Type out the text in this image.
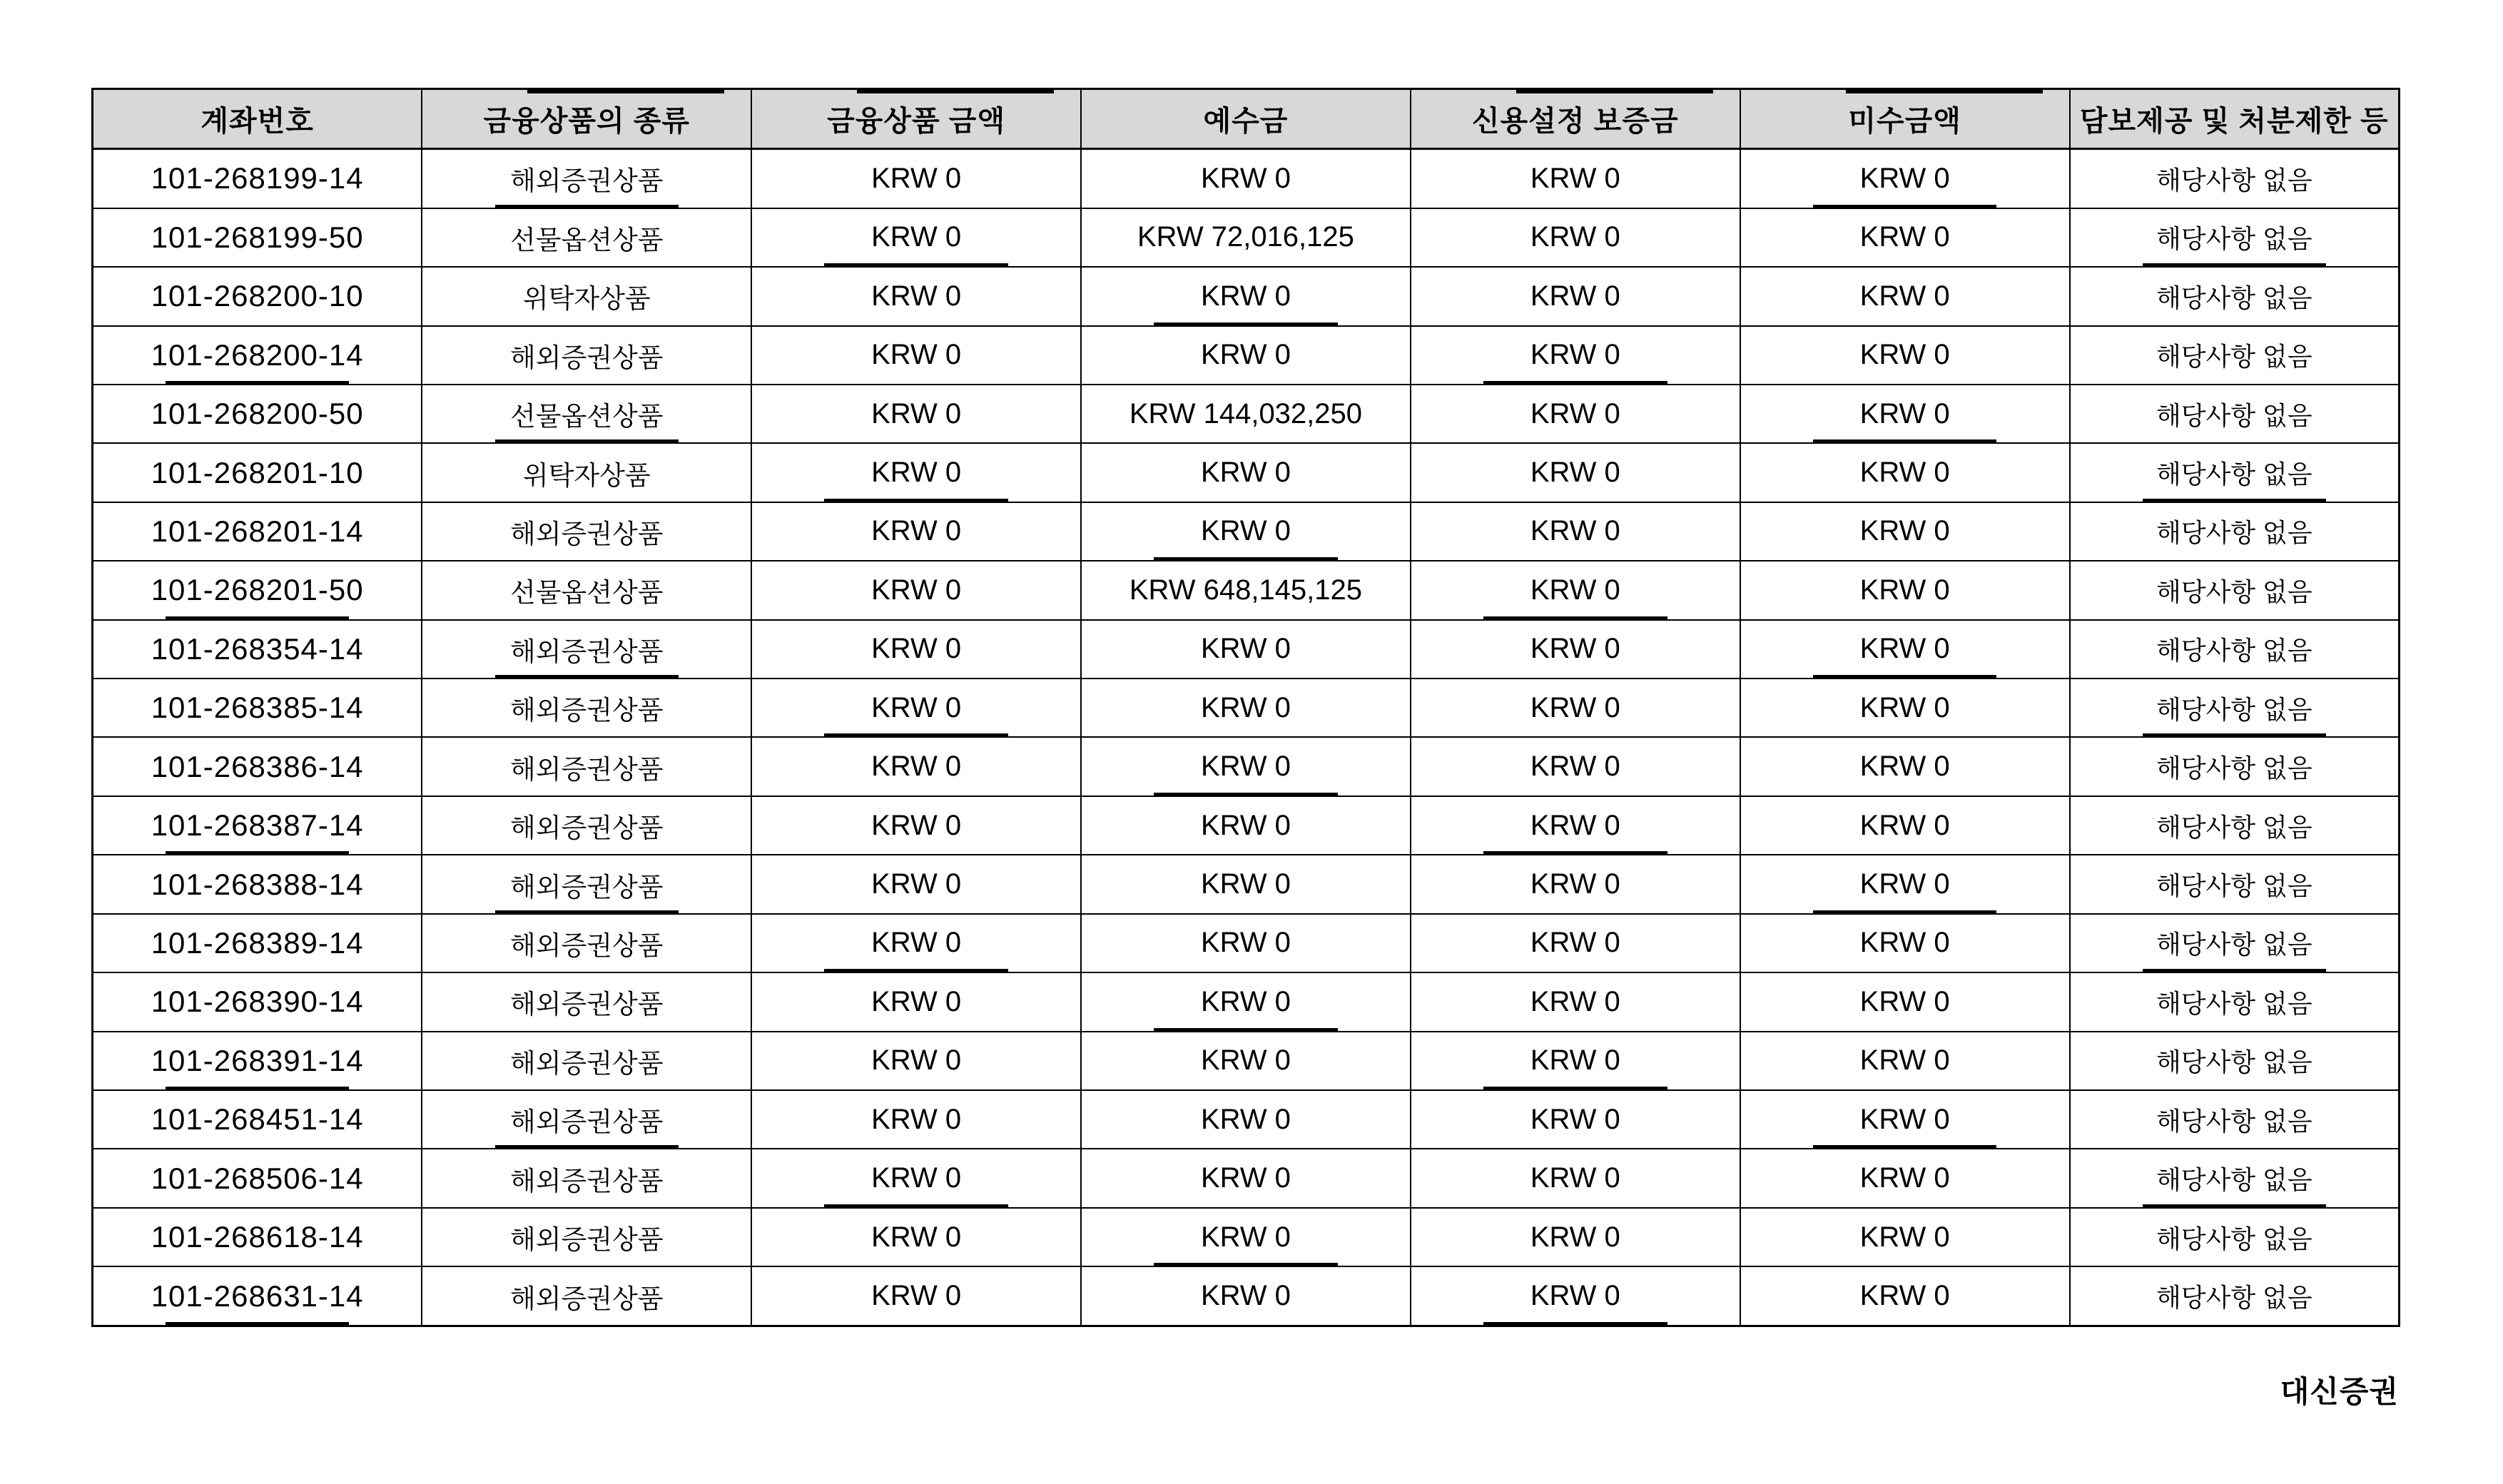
계좌번호	금융상품의 종류	금융상품 금액	예수금	신용설정 보증금	미수금액	담보제공 및 처분제한 등
101-268199-14	해외증권상품	KRW 0	KRW 0	KRW 0	KRW 0	해당사항 없음
101-268199-50	선물옵션상품	KRW 0	KRW 72,016,125	KRW 0	KRW 0	해당사항 없음
101-268200-10	위탁자상품	KRW 0	KRW 0	KRW 0	KRW 0	해당사항 없음
101-268200-14	해외증권상품	KRW 0	KRW 0	KRW 0	KRW 0	해당사항 없음
101-268200-50	선물옵션상품	KRW 0	KRW 144,032,250	KRW 0	KRW 0	해당사항 없음
101-268201-10	위탁자상품	KRW 0	KRW 0	KRW 0	KRW 0	해당사항 없음
101-268201-14	해외증권상품	KRW 0	KRW 0	KRW 0	KRW 0	해당사항 없음
101-268201-50	선물옵션상품	KRW 0	KRW 648,145,125	KRW 0	KRW 0	해당사항 없음
101-268354-14	해외증권상품	KRW 0	KRW 0	KRW 0	KRW 0	해당사항 없음
101-268385-14	해외증권상품	KRW 0	KRW 0	KRW 0	KRW 0	해당사항 없음
101-268386-14	해외증권상품	KRW 0	KRW 0	KRW 0	KRW 0	해당사항 없음
101-268387-14	해외증권상품	KRW 0	KRW 0	KRW 0	KRW 0	해당사항 없음
101-268388-14	해외증권상품	KRW 0	KRW 0	KRW 0	KRW 0	해당사항 없음
101-268389-14	해외증권상품	KRW 0	KRW 0	KRW 0	KRW 0	해당사항 없음
101-268390-14	해외증권상품	KRW 0	KRW 0	KRW 0	KRW 0	해당사항 없음
101-268391-14	해외증권상품	KRW 0	KRW 0	KRW 0	KRW 0	해당사항 없음
101-268451-14	해외증권상품	KRW 0	KRW 0	KRW 0	KRW 0	해당사항 없음
101-268506-14	해외증권상품	KRW 0	KRW 0	KRW 0	KRW 0	해당사항 없음
101-268618-14	해외증권상품	KRW 0	KRW 0	KRW 0	KRW 0	해당사항 없음
101-268631-14	해외증권상품	KRW 0	KRW 0	KRW 0	KRW 0	해당사항 없음
대신증권
